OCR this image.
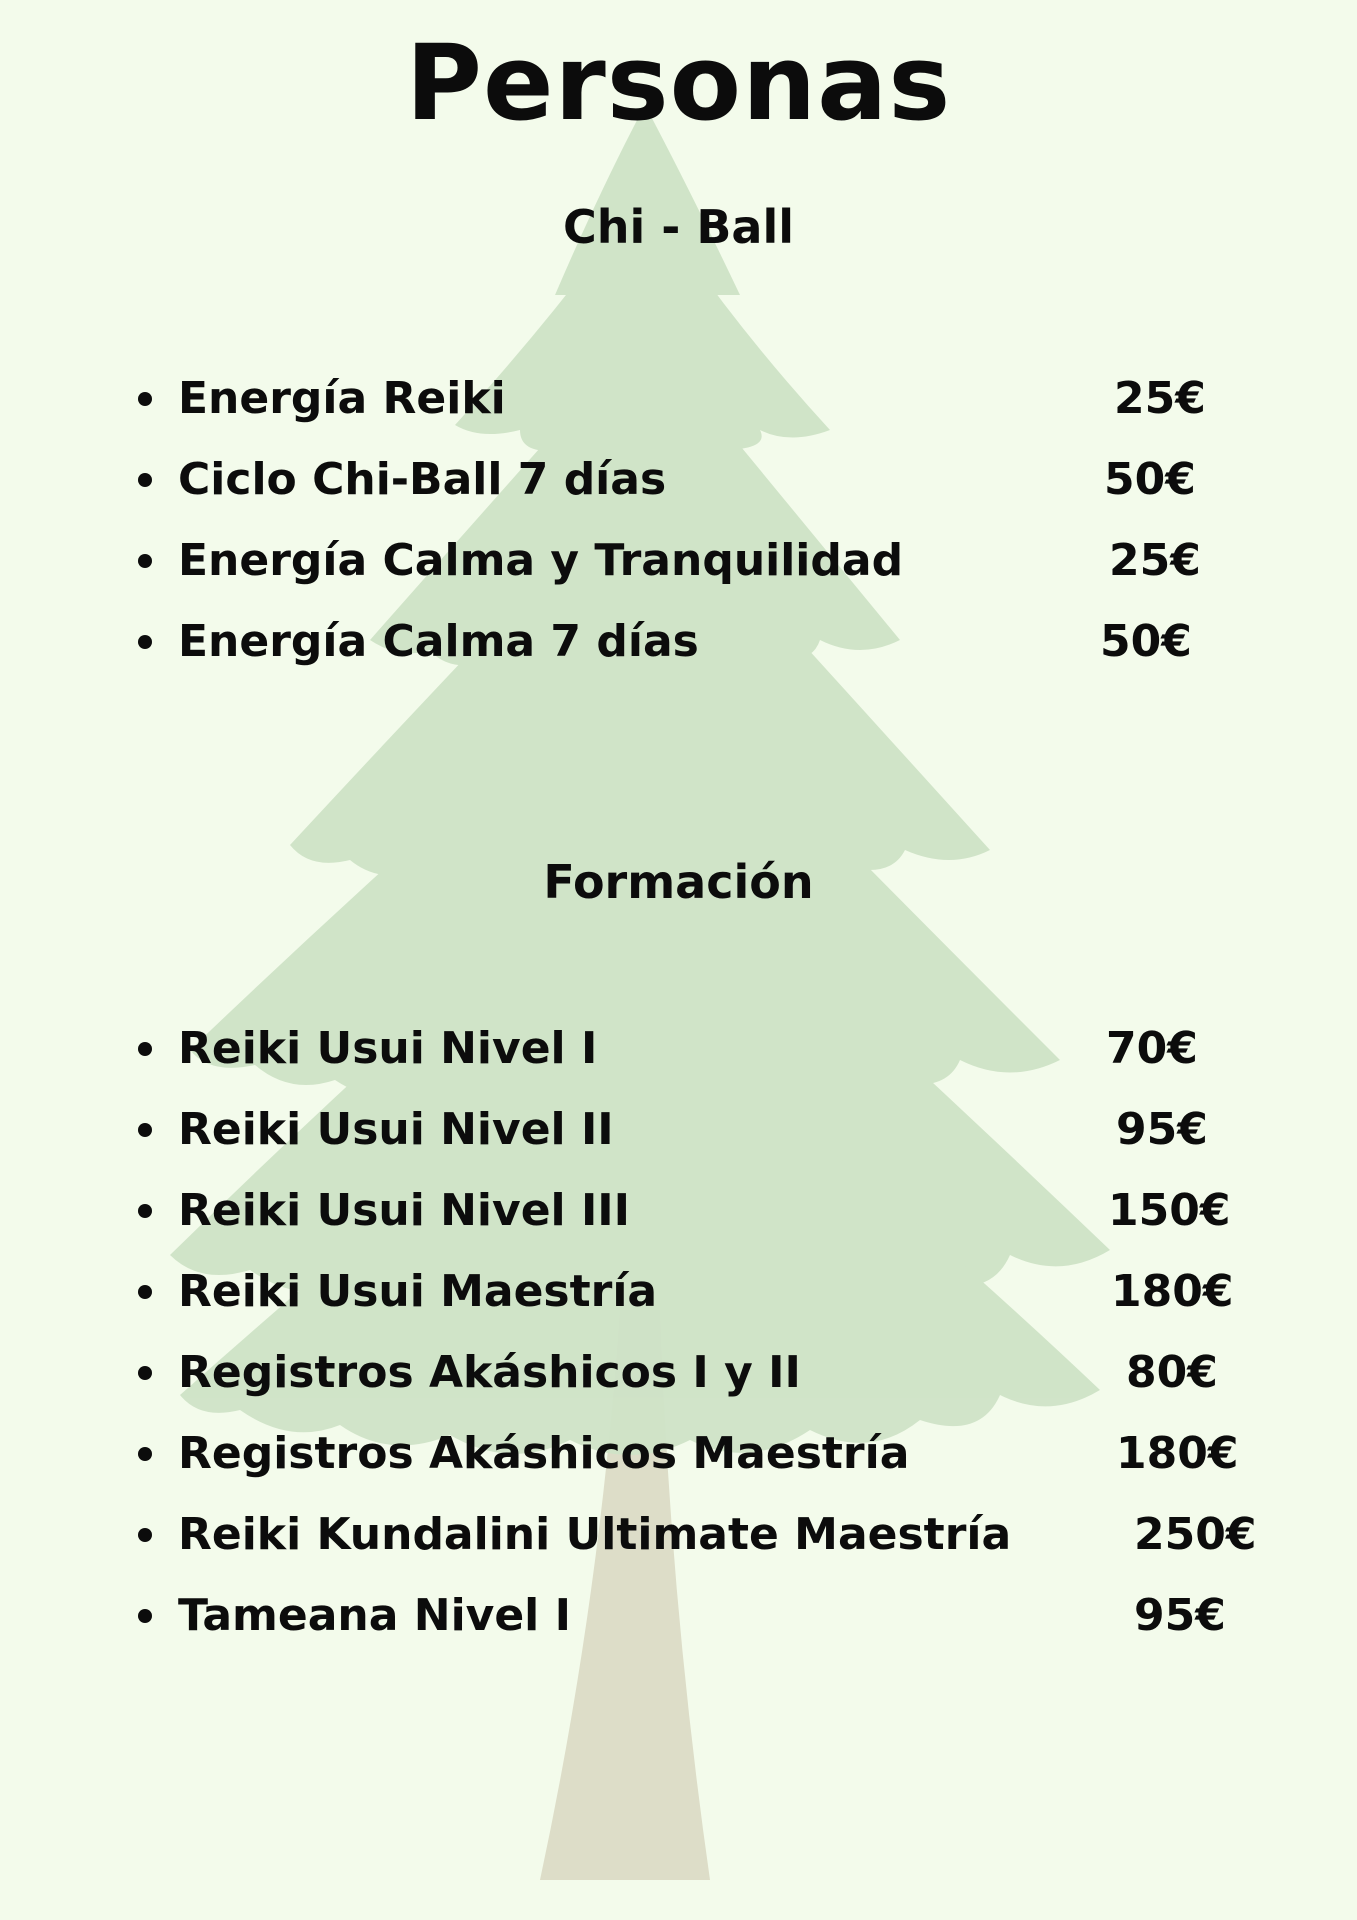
Personas
Chi - Ball
Energía Reiki	25€
Ciclo Chi-Ball 7 días	50€
Energía Calma y Tranquilidad	25€
Energía Calma 7 días	50€
Formación
Reiki Usui Nivel I	70€
Reiki Usui Nivel II	95€
Reiki Usui Nivel III	150€
Reiki Usui Maestría	180€
Registros Akáshicos I y II	80€
Registros Akáshicos Maestría	180€
Reiki Kundalini Ultimate Maestría	250€
Tameana Nivel I	95€
